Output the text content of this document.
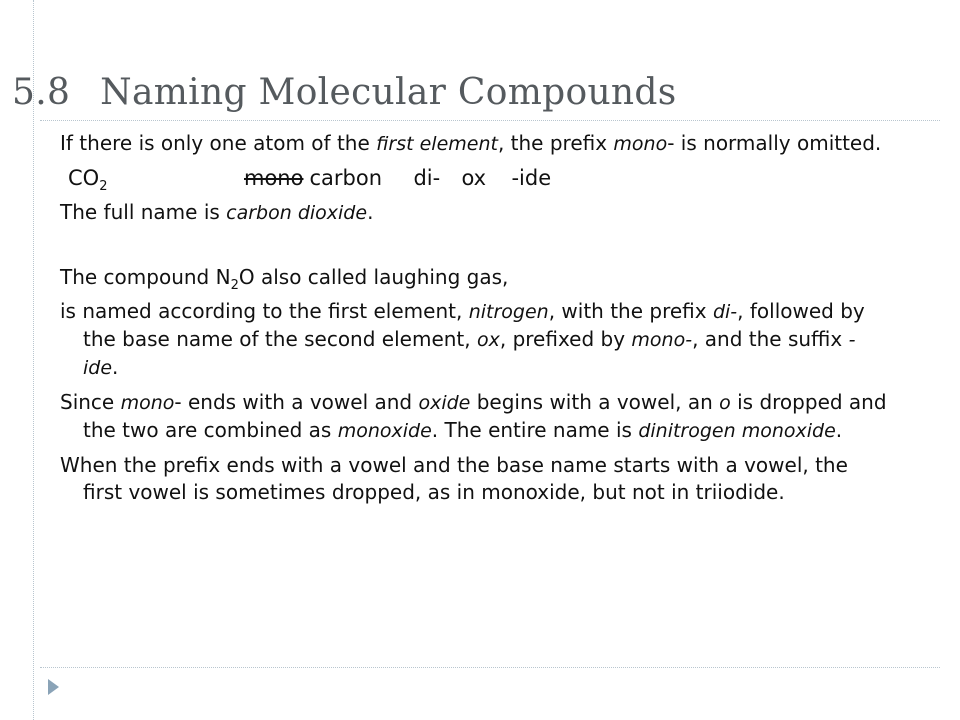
5.8 Naming Molecular Compounds

If there is only one atom of the first element, the prefix mono- is normally omitted.

$CO_2$	mono carbon di- ox -ide

The full name is carbon dioxide.

The compound $N_2O$ also called laughing gas,

is named according to the first element, nitrogen, with the prefix di-, followed by the base name of the second element, ox, prefixed by mono-, and the suffix -ide.

Since mono- ends with a vowel and oxide begins with a vowel, an o is dropped and the two are combined as monoxide. The entire name is dinitrogen monoxide.

When the prefix ends with a vowel and the base name starts with a vowel, the first vowel is sometimes dropped, as in monoxide, but not in triiodide.
